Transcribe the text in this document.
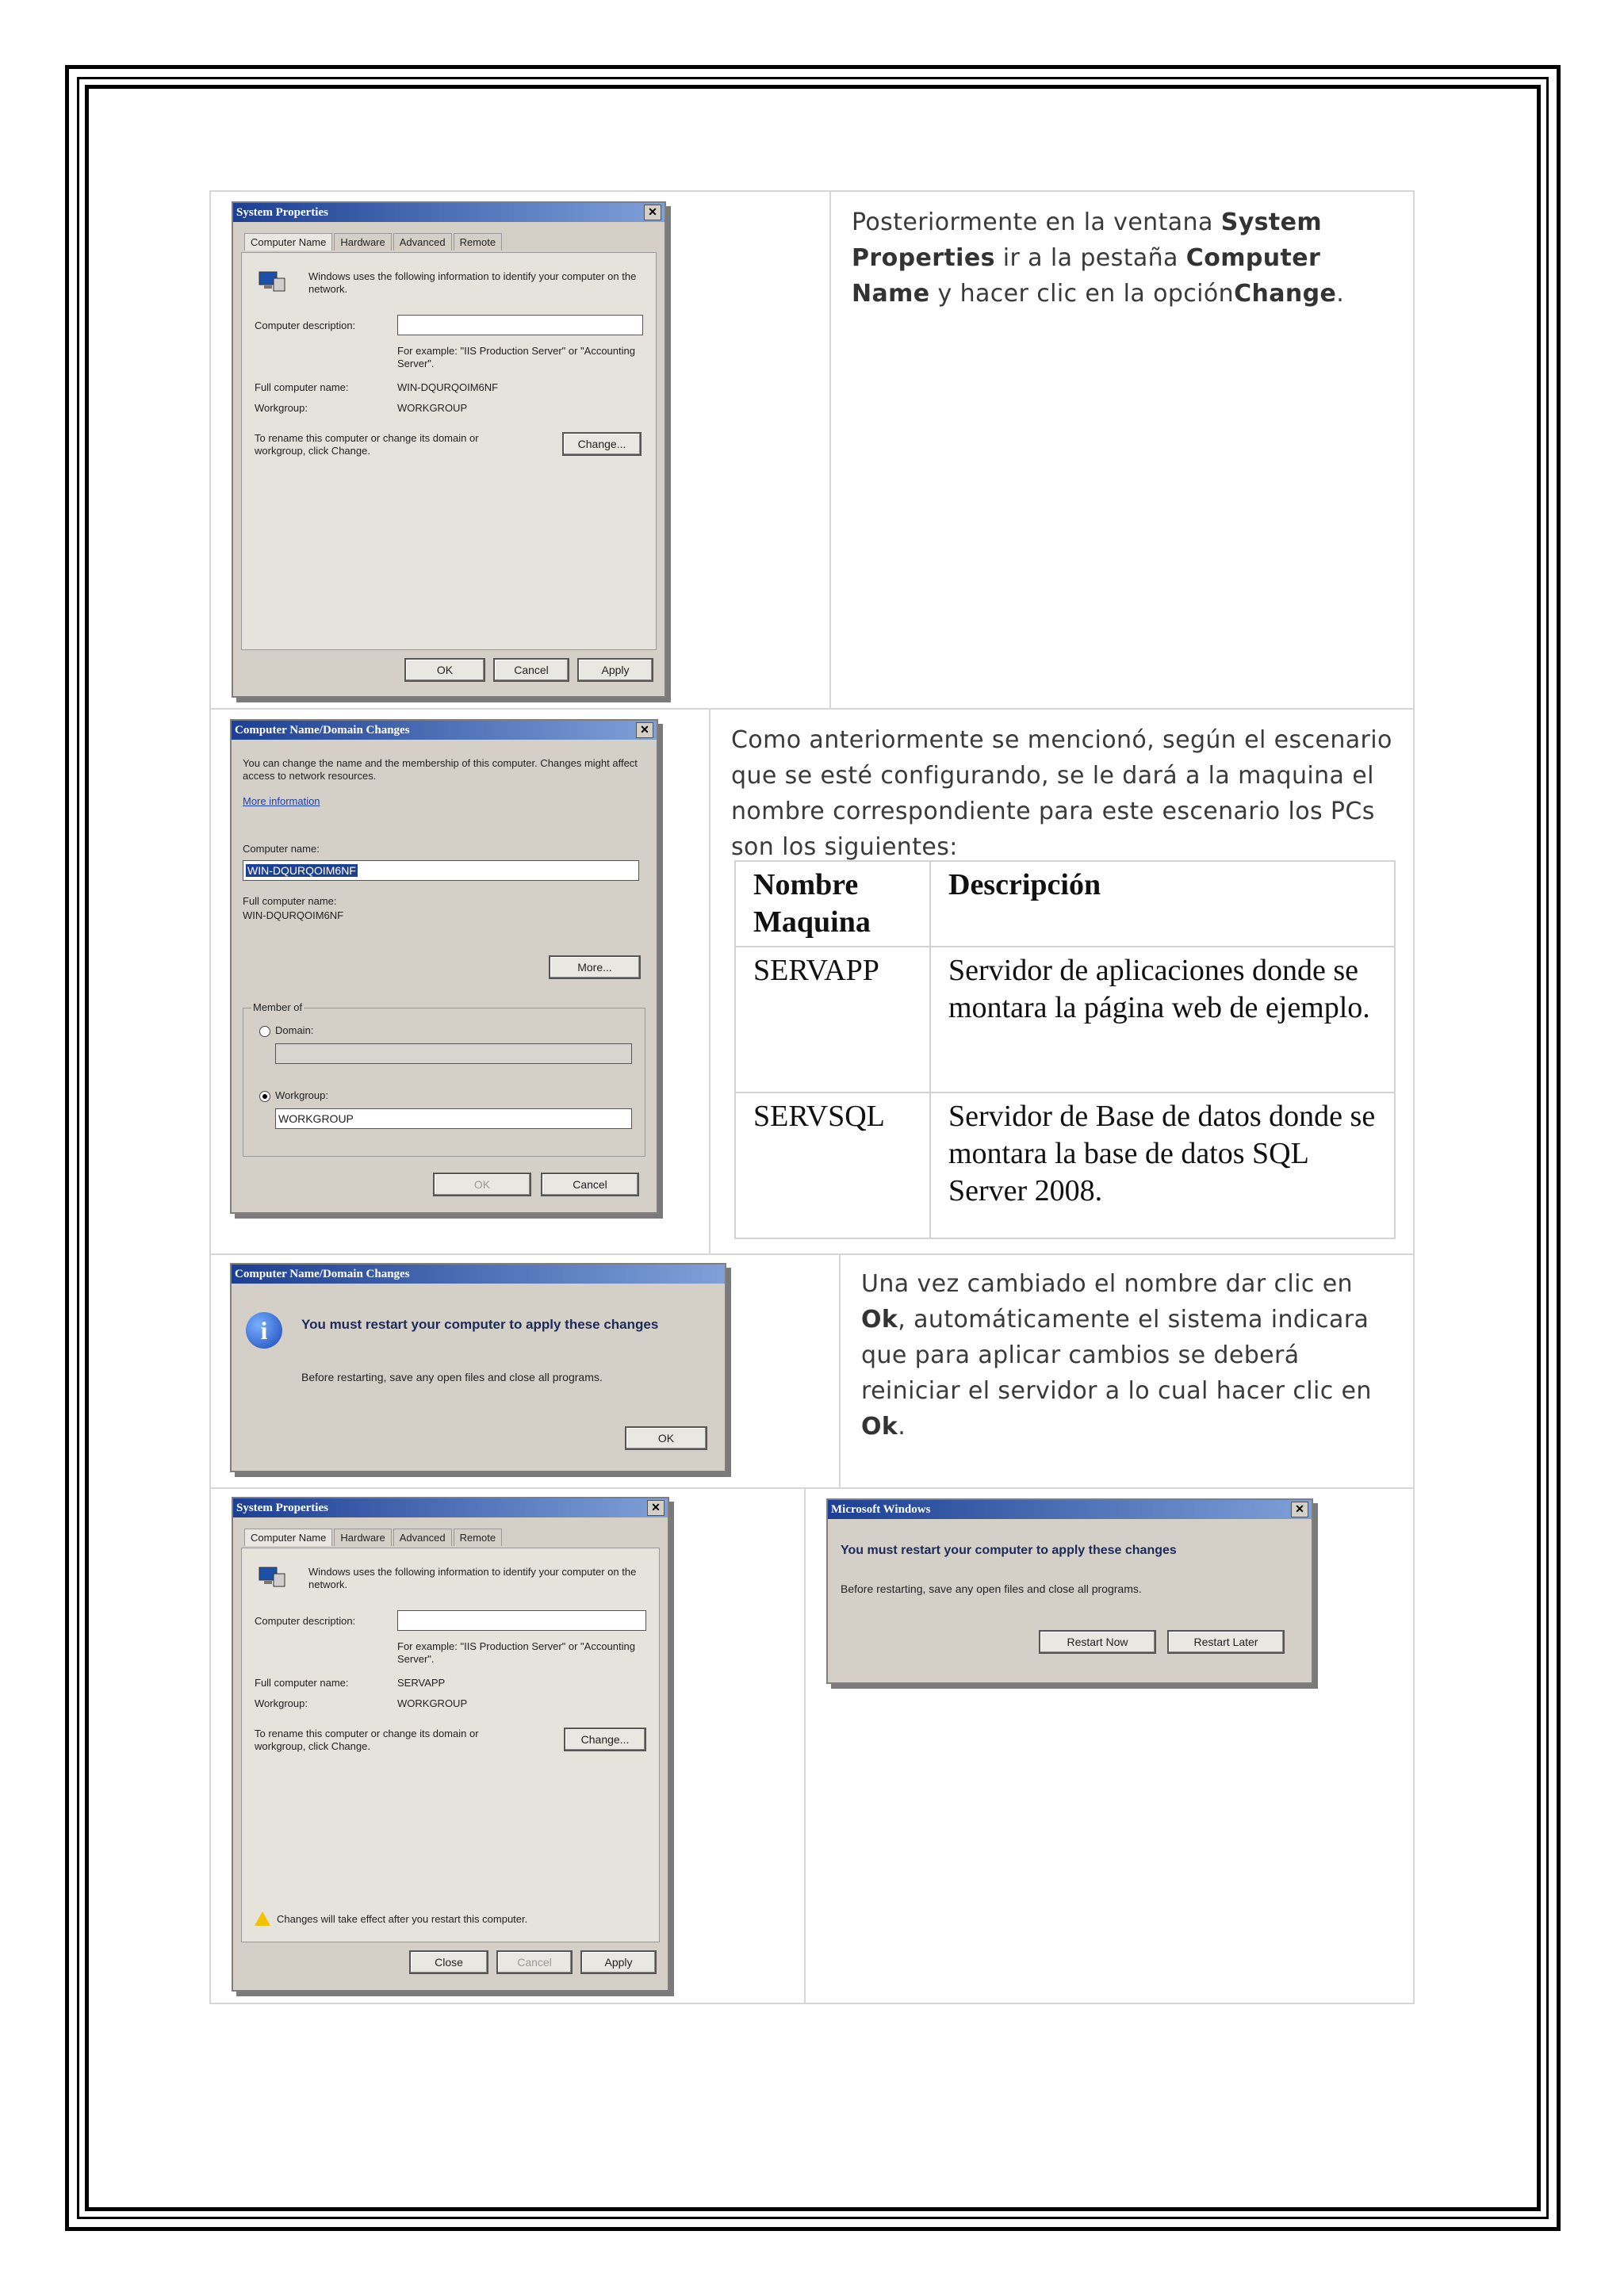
System Properties	✕
Computer Name Hardware Advanced Remote
Windows uses the following information to identify your computer on the network.
Computer description:
For example: "IIS Production Server" or "Accounting Server".
Full computer name:	WIN-DQURQOIM6NF
Workgroup:	WORKGROUP
To rename this computer or change its domain or workgroup, click Change.
Change...
OK	Cancel	Apply
Posteriormente en la ventana System Properties ir a la pestaña Computer Name y hacer clic en la opciónChange.
Computer Name/Domain Changes	✕
You can change the name and the membership of this computer. Changes might affect access to network resources.
More information
Computer name:
WIN-DQURQOIM6NF
Full computer name:
WIN-DQURQOIM6NF
More...
Member of
Domain:
Workgroup:
WORKGROUP
OK	Cancel
Como anteriormente se mencionó, según el escenario que se esté configurando, se le dará a la maquina el nombre correspondiente para este escenario los PCs son los siguientes:
Nombre Maquina	Descripción
SERVAPP	Servidor de aplicaciones donde se montara la página web de ejemplo.
SERVSQL	Servidor de Base de datos donde se montara la base de datos SQL Server 2008.
Computer Name/Domain Changes
i	You must restart your computer to apply these changes
Before restarting, save any open files and close all programs.
OK
Una vez cambiado el nombre dar clic en Ok, automáticamente el sistema indicara que para aplicar cambios se deberá reiniciar el servidor a lo cual hacer clic en Ok.
System Properties	✕
Computer Name Hardware Advanced Remote
Windows uses the following information to identify your computer on the network.
Computer description:
For example: "IIS Production Server" or "Accounting Server".
Full computer name:	SERVAPP
Workgroup:	WORKGROUP
To rename this computer or change its domain or workgroup, click Change.
Change...
Changes will take effect after you restart this computer.
Close	Cancel	Apply
Microsoft Windows	✕
You must restart your computer to apply these changes
Before restarting, save any open files and close all programs.
Restart Now	Restart Later
